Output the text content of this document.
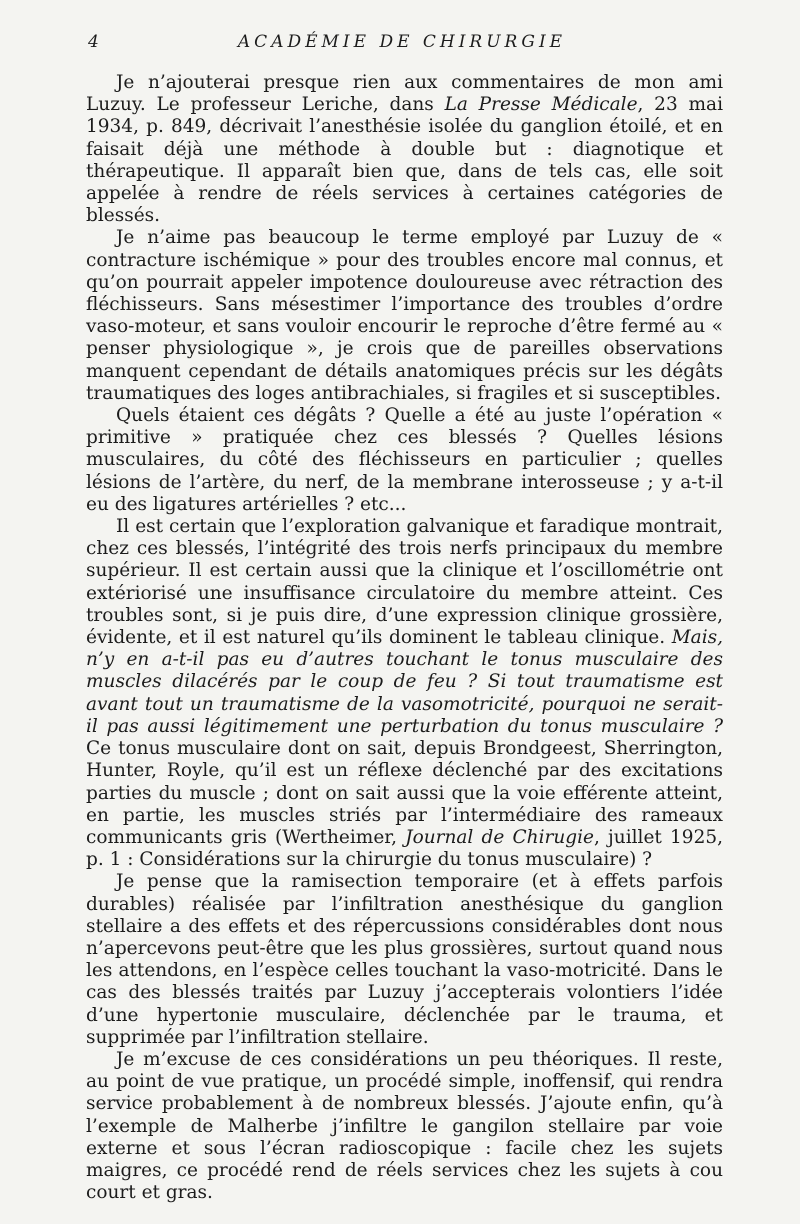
4	ACADÉMIE DE CHIRURGIE

Je n’ajouterai presque rien aux commentaires de mon ami Luzuy. Le professeur Leriche, dans La Presse Médicale, 23 mai 1934, p. 849, décrivait l’anesthésie isolée du ganglion étoilé, et en faisait déjà une méthode à double but : diagnotique et thérapeutique. Il apparaît bien que, dans de tels cas, elle soit appelée à rendre de réels services à certaines catégories de blessés.

Je n’aime pas beaucoup le terme employé par Luzuy de « contracture ischémique » pour des troubles encore mal connus, et qu’on pourrait appeler impotence douloureuse avec rétraction des fléchisseurs. Sans mésestimer l’importance des troubles d’ordre vaso-moteur, et sans vouloir encourir le reproche d’être fermé au « penser physiologique », je crois que de pareilles observations manquent cependant de détails anatomiques précis sur les dégâts traumatiques des loges antibrachiales, si fragiles et si susceptibles.

Quels étaient ces dégâts ? Quelle a été au juste l’opération « primitive » pratiquée chez ces blessés ? Quelles lésions musculaires, du côté des fléchisseurs en particulier ; quelles lésions de l’artère, du nerf, de la membrane interosseuse ; y a-t-il eu des ligatures artérielles ? etc...

Il est certain que l’exploration galvanique et faradique montrait, chez ces blessés, l’intégrité des trois nerfs principaux du membre supérieur. Il est certain aussi que la clinique et l’oscillométrie ont extériorisé une insuffisance circulatoire du membre atteint. Ces troubles sont, si je puis dire, d’une expression clinique grossière, évidente, et il est naturel qu’ils dominent le tableau clinique. Mais, n’y en a-t-il pas eu d’autres touchant le tonus musculaire des muscles dilacérés par le coup de feu ? Si tout traumatisme est avant tout un traumatisme de la vasomotricité, pourquoi ne serait-il pas aussi légitimement une perturbation du tonus musculaire ? Ce tonus musculaire dont on sait, depuis Brondgeest, Sherrington, Hunter, Royle, qu’il est un réflexe déclenché par des excitations parties du muscle ; dont on sait aussi que la voie efférente atteint, en partie, les muscles striés par l’intermédiaire des rameaux communicants gris (Wertheimer, Journal de Chirugie, juillet 1925, p. 1 : Considérations sur la chirurgie du tonus musculaire) ?

Je pense que la ramisection temporaire (et à effets parfois durables) réalisée par l’infiltration anesthésique du ganglion stellaire a des effets et des répercussions considérables dont nous n’apercevons peut-être que les plus grossières, surtout quand nous les attendons, en l’espèce celles touchant la vaso-motricité. Dans le cas des blessés traités par Luzuy j’accepterais volontiers l’idée d’une hypertonie musculaire, déclenchée par le trauma, et supprimée par l’infiltration stellaire.

Je m’excuse de ces considérations un peu théoriques. Il reste, au point de vue pratique, un procédé simple, inoffensif, qui rendra service probablement à de nombreux blessés. J’ajoute enfin, qu’à l’exemple de Malherbe j’infiltre le gangilon stellaire par voie externe et sous l’écran radioscopique : facile chez les sujets maigres, ce procédé rend de réels services chez les sujets à cou court et gras.
